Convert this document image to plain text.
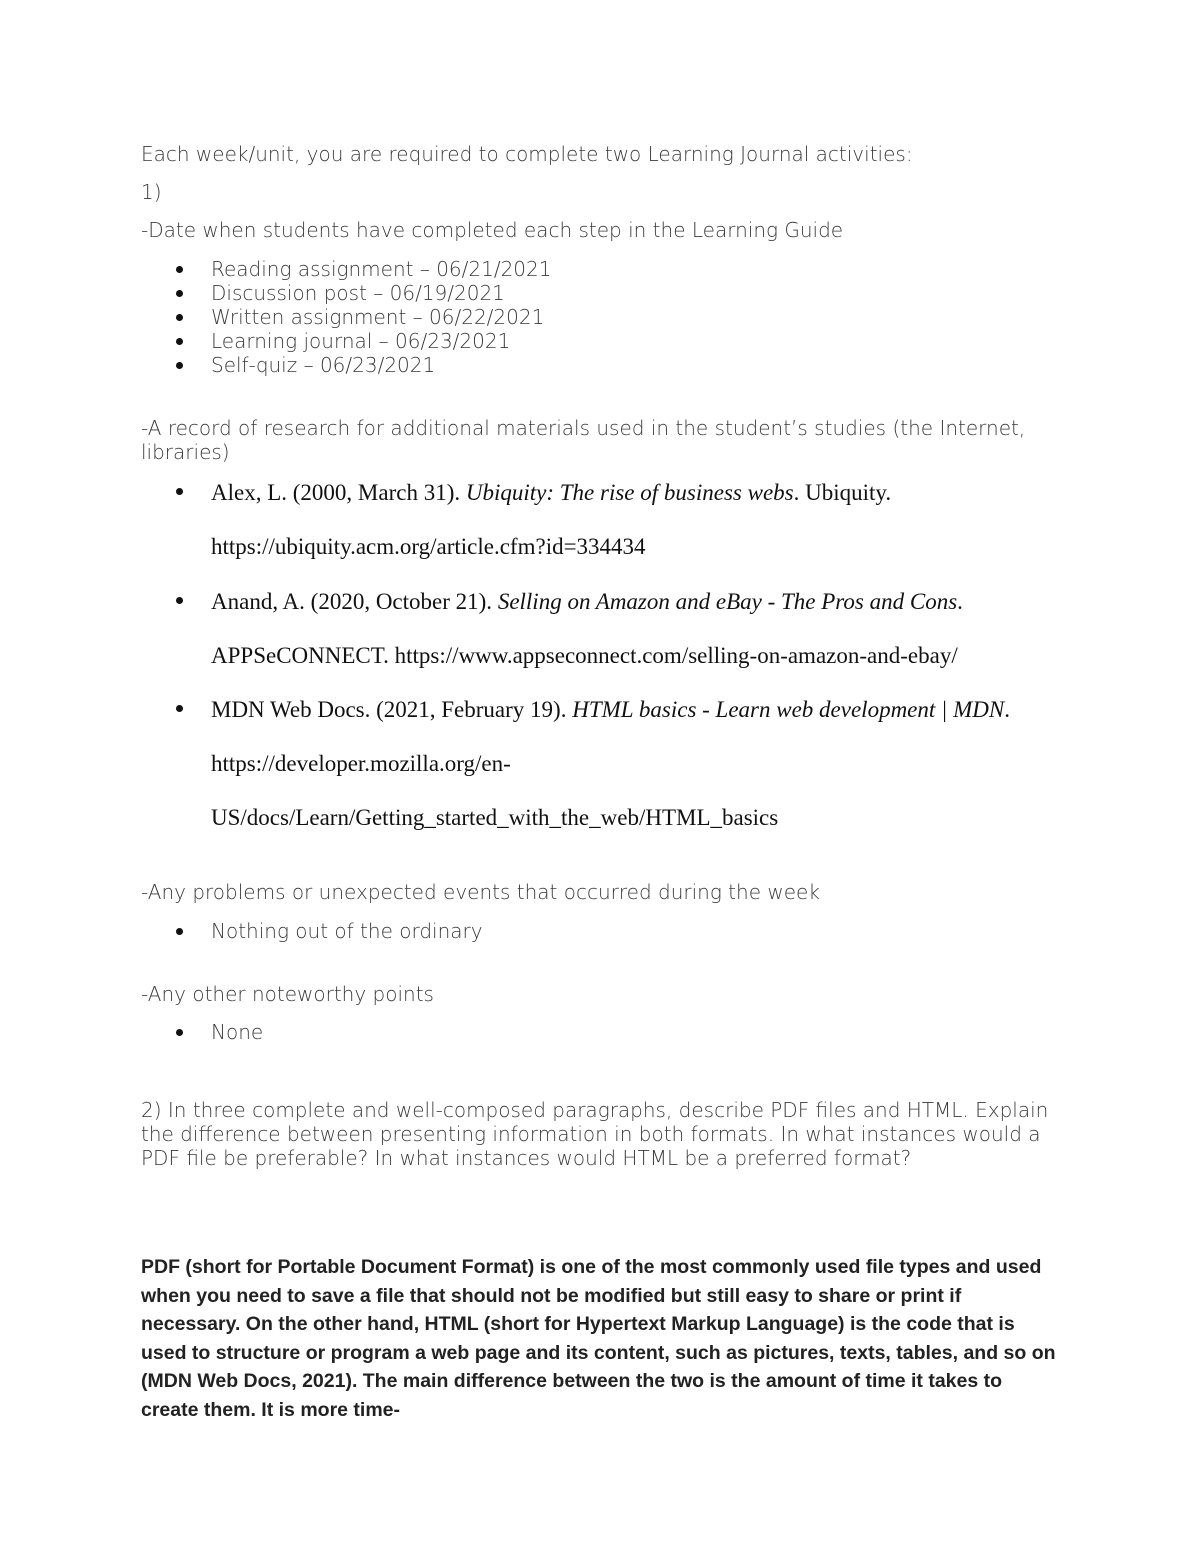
Each week/unit, you are required to complete two Learning Journal activities:

1)

-Date when students have completed each step in the Learning Guide

Reading assignment – 06/21/2021

Discussion post – 06/19/2021

Written assignment – 06/22/2021

Learning journal – 06/23/2021

Self-quiz – 06/23/2021

-A record of research for additional materials used in the student’s studies (the Internet,

libraries)

Alex, L. (2000, March 31). Ubiquity: The rise of business webs. Ubiquity.

https://ubiquity.acm.org/article.cfm?id=334434

Anand, A. (2020, October 21). Selling on Amazon and eBay - The Pros and Cons.

APPSeCONNECT. https://www.appseconnect.com/selling-on-amazon-and-ebay/

MDN Web Docs. (2021, February 19). HTML basics - Learn web development | MDN.

https://developer.mozilla.org/en-

US/docs/Learn/Getting_started_with_the_web/HTML_basics

-Any problems or unexpected events that occurred during the week

Nothing out of the ordinary

-Any other noteworthy points

None

2) In three complete and well-composed paragraphs, describe PDF files and HTML. Explain the difference between presenting information in both formats. In what instances would a PDF file be preferable? In what instances would HTML be a preferred format?

PDF (short for Portable Document Format) is one of the most commonly used file types and used when you need to save a file that should not be modified but still easy to share or print if necessary. On the other hand, HTML (short for Hypertext Markup Language) is the code that is used to structure or program a web page and its content, such as pictures, texts, tables, and so on (MDN Web Docs, 2021). The main difference between the two is the amount of time it takes to create them. It is more time-
